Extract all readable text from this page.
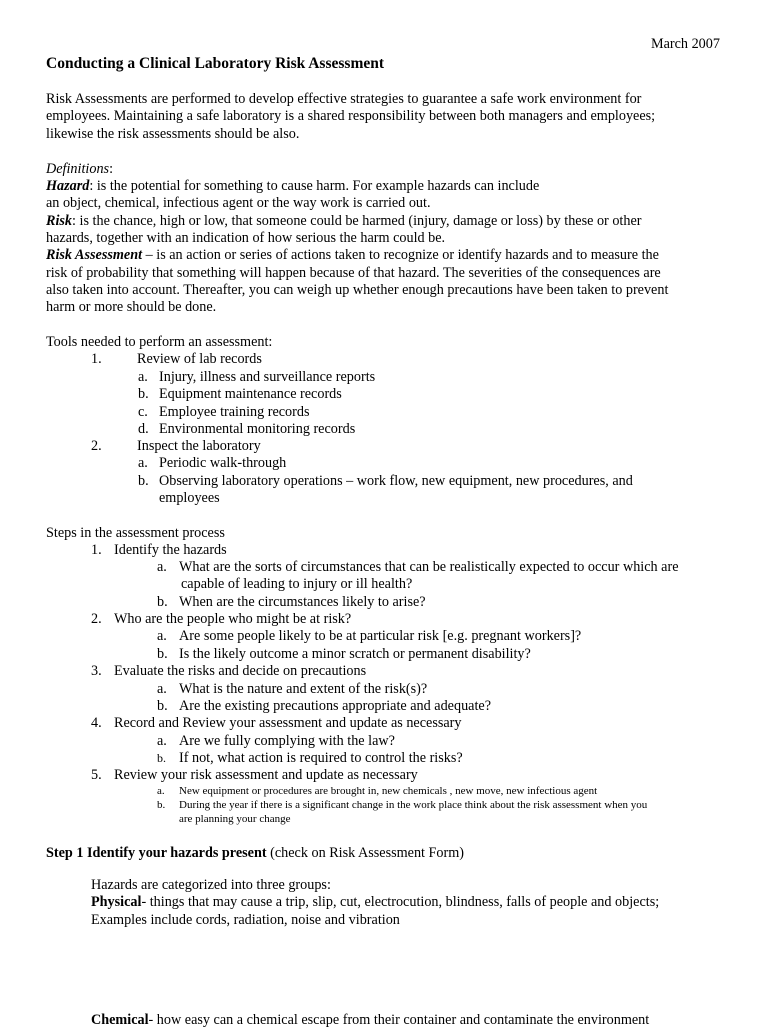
March 2007
Conducting a Clinical Laboratory Risk Assessment
Risk Assessments are performed to develop effective strategies to guarantee a safe work environment for
employees. Maintaining a safe laboratory is a shared responsibility between both managers and employees;
likewise the risk assessments should be also.
Definitions:
Hazard: is the potential for something to cause harm. For example hazards can include
an object, chemical, infectious agent or the way work is carried out.
Risk: is the chance, high or low, that someone could be harmed (injury, damage or loss) by these or other
hazards, together with an indication of how serious the harm could be.
Risk Assessment – is an action or series of actions taken to recognize or identify hazards and to measure the
risk of probability that something will happen because of that hazard. The severities of the consequences are
also taken into account. Thereafter, you can weigh up whether enough precautions have been taken to prevent
harm or more should be done.
Tools needed to perform an assessment:
1. Review of lab records
a. Injury, illness and surveillance reports
b. Equipment maintenance records
c. Employee training records
d. Environmental monitoring records
2. Inspect the laboratory
a. Periodic walk-through
b. Observing laboratory operations – work flow, new equipment, new procedures, and
employees
Steps in the assessment process
1. Identify the hazards
a. What are the sorts of circumstances that can be realistically expected to occur which are
capable of leading to injury or ill health?
b. When are the circumstances likely to arise?
2. Who are the people who might be at risk?
a. Are some people likely to be at particular risk [e.g. pregnant workers]?
b. Is the likely outcome a minor scratch or permanent disability?
3. Evaluate the risks and decide on precautions
a. What is the nature and extent of the risk(s)?
b. Are the existing precautions appropriate and adequate?
4. Record and Review your assessment and update as necessary
a. Are we fully complying with the law?
b. If not, what action is required to control the risks?
5. Review your risk assessment and update as necessary
a. New equipment or procedures are brought in, new chemicals , new move, new infectious agent
b. During the year if there is a significant change in the work place think about the risk assessment when you
are planning your change
Step 1 Identify your hazards present (check on Risk Assessment Form)
Hazards are categorized into three groups:
Physical- things that may cause a trip, slip, cut, electrocution, blindness, falls of people and objects;
Examples include cords, radiation, noise and vibration
Chemical- how easy can a chemical escape from their container and contaminate the environment
